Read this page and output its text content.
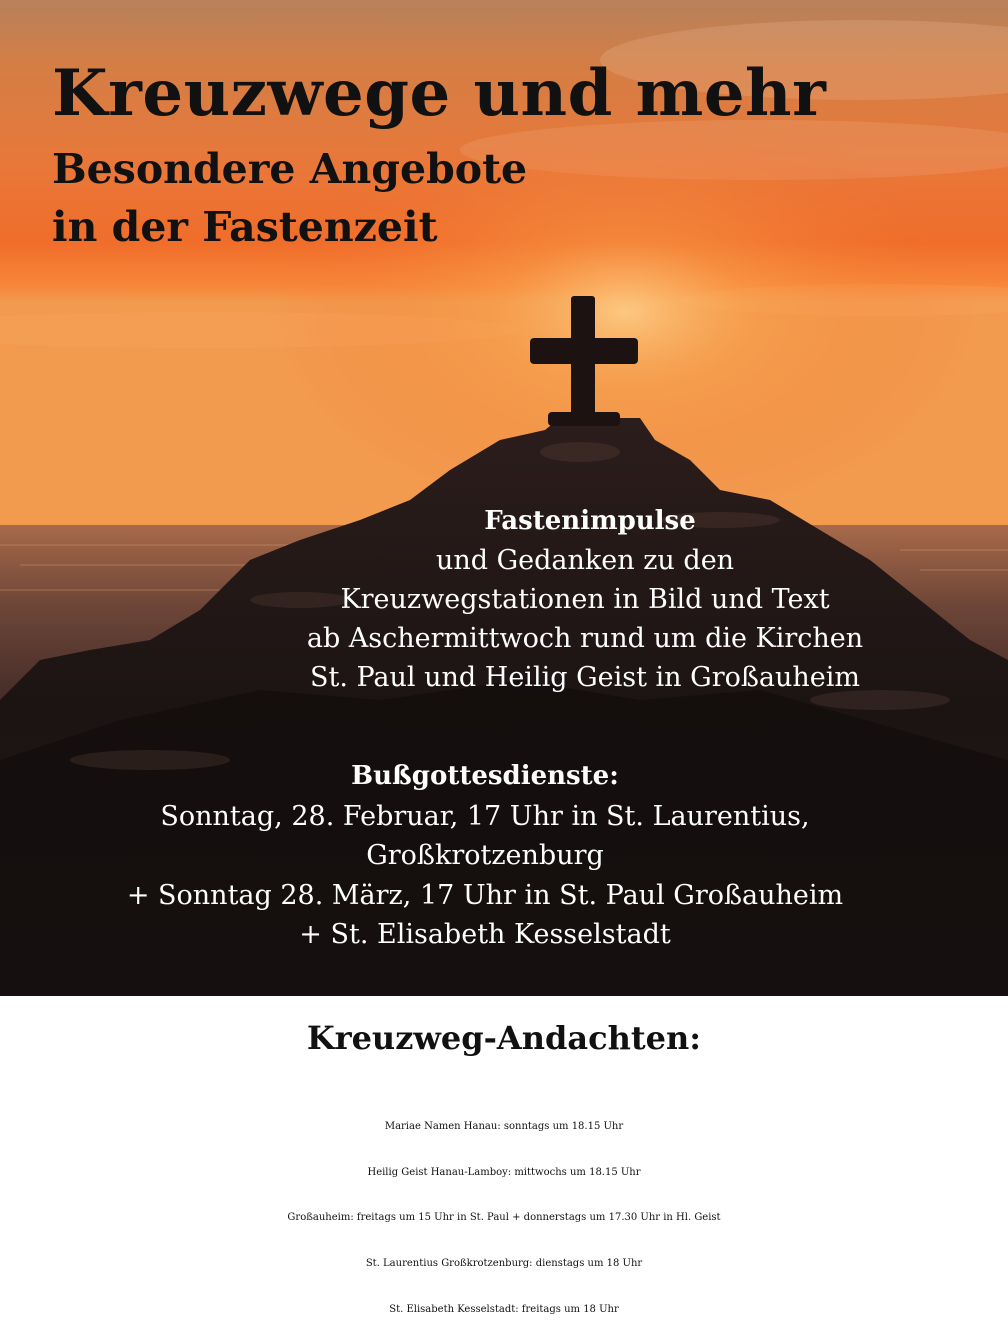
Kreuzwege und mehr
Besondere Angebote
in der Fastenzeit
Fastenimpulse
und Gedanken zu den
Kreuzwegstationen in Bild und Text
ab Aschermittwoch rund um die Kirchen
St. Paul und Heilig Geist in Großauheim
Bußgottesdienste:
Sonntag, 28. Februar, 17 Uhr in St. Laurentius,
Großkrotzenburg
+ Sonntag 28. März, 17 Uhr in St. Paul Großauheim
+ St. Elisabeth Kesselstadt
Kreuzweg-Andachten:
Mariae Namen Hanau: sonntags um 18.15 Uhr
Heilig Geist Hanau-Lamboy: mittwochs um 18.15 Uhr
Großauheim: freitags um 15 Uhr in St. Paul + donnerstags um 17.30 Uhr in Hl. Geist
St. Laurentius Großkrotzenburg: dienstags um 18 Uhr
St. Elisabeth Kesselstadt: freitags um 18 Uhr
